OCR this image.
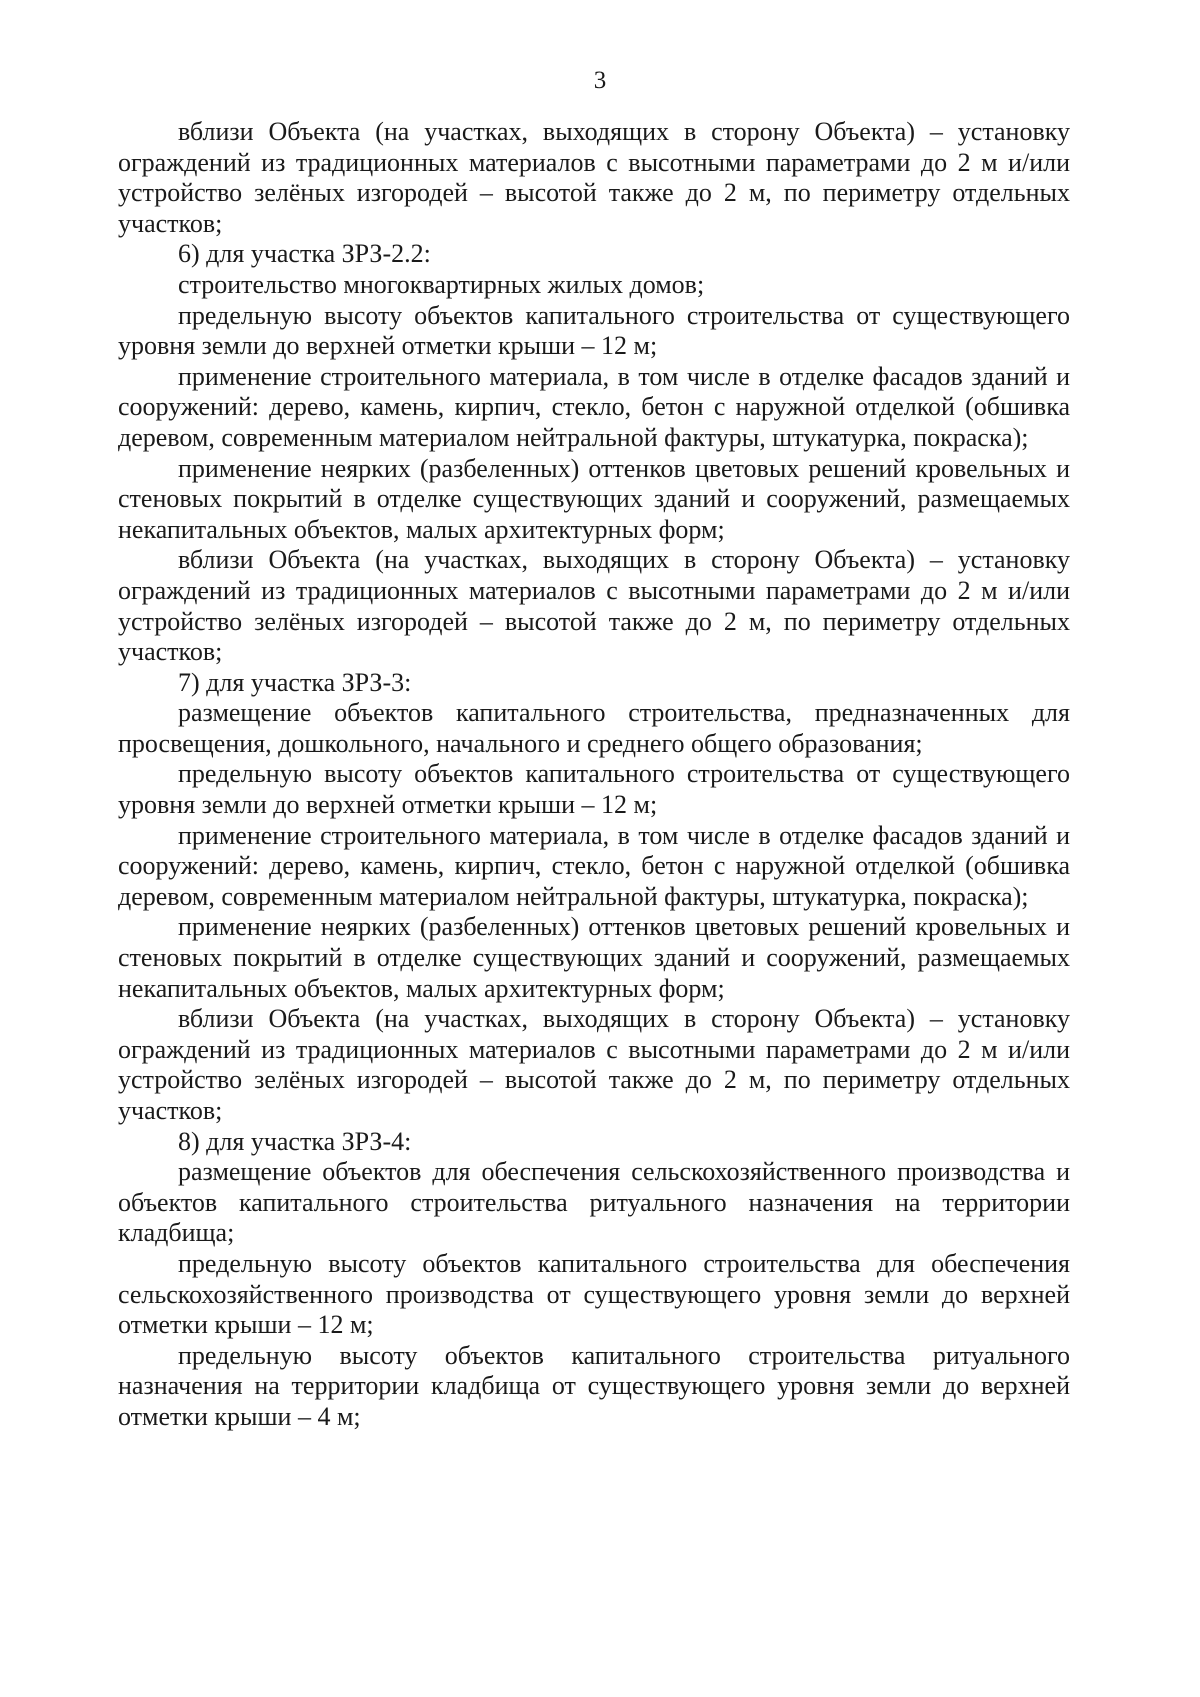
3

вблизи Объекта (на участках, выходящих в сторону Объекта) – установку ограждений из традиционных материалов с высотными параметрами до 2 м и/или устройство зелёных изгородей – высотой также до 2 м, по периметру отдельных участков;

6) для участка ЗРЗ-2.2:

строительство многоквартирных жилых домов;

предельную высоту объектов капитального строительства от существующего уровня земли до верхней отметки крыши – 12 м;

применение строительного материала, в том числе в отделке фасадов зданий и сооружений: дерево, камень, кирпич, стекло, бетон с наружной отделкой (обшивка деревом, современным материалом нейтральной фактуры, штукатурка, покраска);

применение неярких (разбеленных) оттенков цветовых решений кровельных и стеновых покрытий в отделке существующих зданий и сооружений, размещаемых некапитальных объектов, малых архитектурных форм;

вблизи Объекта (на участках, выходящих в сторону Объекта) – установку ограждений из традиционных материалов с высотными параметрами до 2 м и/или устройство зелёных изгородей – высотой также до 2 м, по периметру отдельных участков;

7) для участка ЗРЗ-3:

размещение объектов капитального строительства, предназначенных для просвещения, дошкольного, начального и среднего общего образования;

предельную высоту объектов капитального строительства от существующего уровня земли до верхней отметки крыши – 12 м;

применение строительного материала, в том числе в отделке фасадов зданий и сооружений: дерево, камень, кирпич, стекло, бетон с наружной отделкой (обшивка деревом, современным материалом нейтральной фактуры, штукатурка, покраска);

применение неярких (разбеленных) оттенков цветовых решений кровельных и стеновых покрытий в отделке существующих зданий и сооружений, размещаемых некапитальных объектов, малых архитектурных форм;

вблизи Объекта (на участках, выходящих в сторону Объекта) – установку ограждений из традиционных материалов с высотными параметрами до 2 м и/или устройство зелёных изгородей – высотой также до 2 м, по периметру отдельных участков;

8) для участка ЗРЗ-4:

размещение объектов для обеспечения сельскохозяйственного производства и объектов капитального строительства ритуального назначения на территории кладбища;

предельную высоту объектов капитального строительства для обеспечения сельскохозяйственного производства от существующего уровня земли до верхней отметки крыши – 12 м;

предельную высоту объектов капитального строительства ритуального назначения на территории кладбища от существующего уровня земли до верхней отметки крыши – 4 м;
